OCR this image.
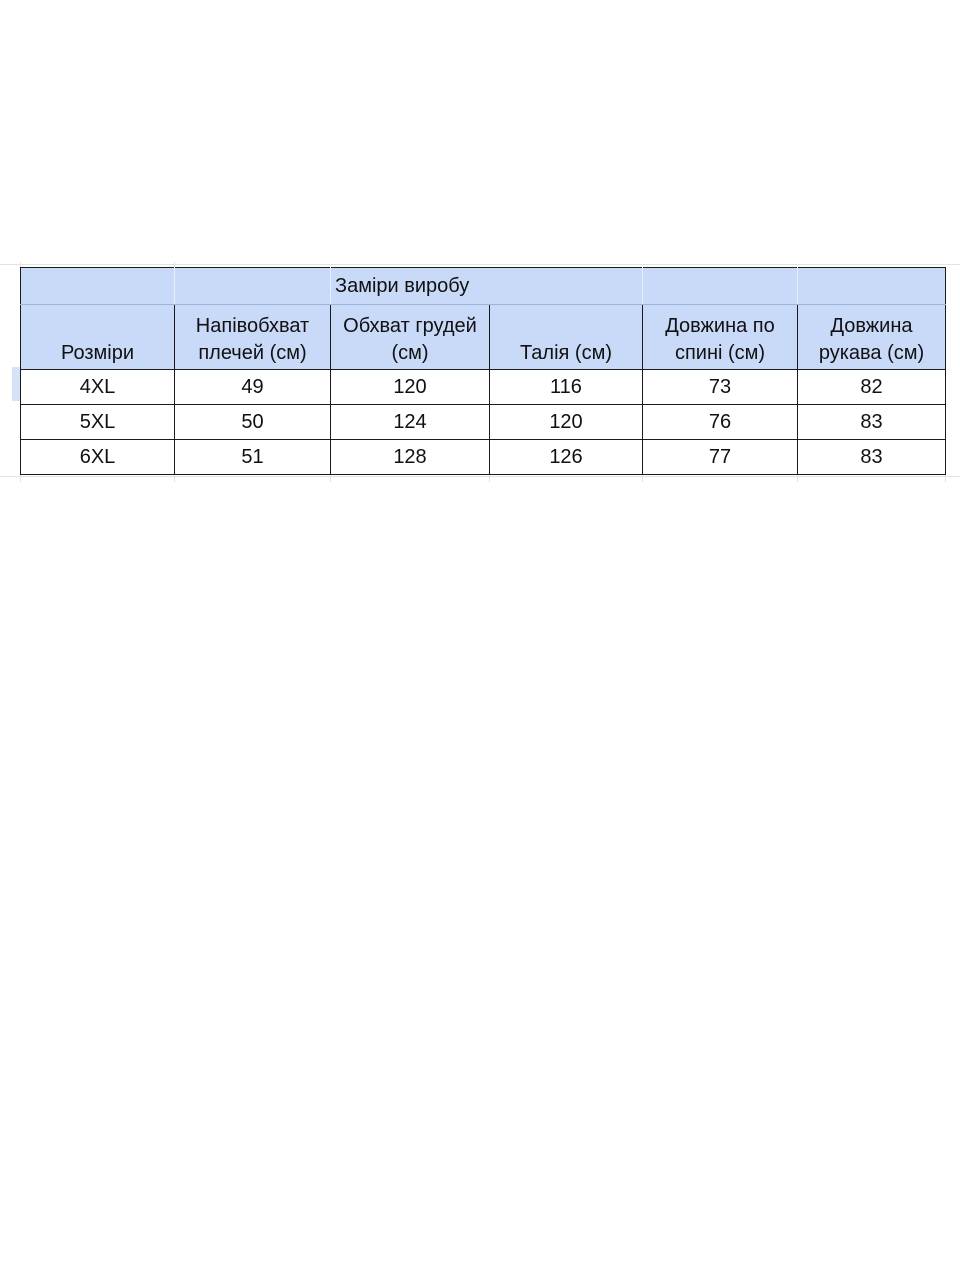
		Заміри виробу			
Розміри	Напівобхват плечей (см)	Обхват грудей (см)	Талія (см)	Довжина по спині (см)	Довжина рукава (см)
4XL	49	120	116	73	82
5XL	50	124	120	76	83
6XL	51	128	126	77	83
